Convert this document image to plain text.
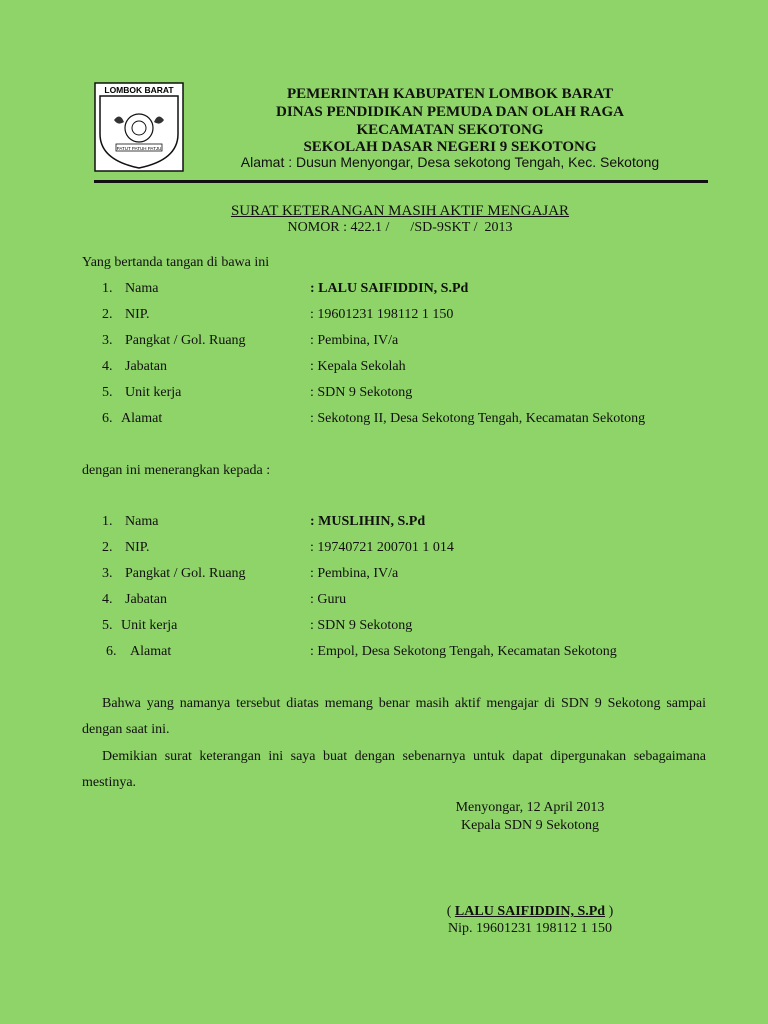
LOMBOK BARAT
PATUT PATUH PATJU
PEMERINTAH KABUPATEN LOMBOK BARAT
DINAS PENDIDIKAN PEMUDA DAN OLAH RAGA
KECAMATAN SEKOTONG
SEKOLAH DASAR NEGERI 9 SEKOTONG
Alamat : Dusun Menyongar, Desa sekotong Tengah, Kec. Sekotong
SURAT KETERANGAN MASIH AKTIF MENGAJAR
NOMOR : 422.1 /      /SD-9SKT /  2013
Yang bertanda tangan di bawa ini
1. Nama	: LALU SAIFIDDIN, S.Pd
2. NIP.	: 19601231 198112 1 150
3. Pangkat / Gol. Ruang	: Pembina, IV/a
4. Jabatan	: Kepala Sekolah
5. Unit kerja	: SDN 9 Sekotong
6. Alamat	: Sekotong II, Desa Sekotong Tengah, Kecamatan Sekotong
dengan ini menerangkan kepada :
1. Nama	: MUSLIHIN, S.Pd
2. NIP.	: 19740721 200701 1 014
3. Pangkat / Gol. Ruang	: Pembina, IV/a
4. Jabatan	: Guru
5. Unit kerja	: SDN 9 Sekotong
6. Alamat	: Empol, Desa Sekotong Tengah, Kecamatan Sekotong
Bahwa yang namanya tersebut diatas memang benar masih aktif mengajar di SDN 9 Sekotong sampai dengan saat ini.
Demikian surat keterangan ini saya buat dengan sebenarnya untuk dapat dipergunakan sebagaimana mestinya.
Menyongar, 12 April 2013
Kepala SDN 9 Sekotong
( LALU SAIFIDDIN, S.Pd )
Nip. 19601231 198112 1 150
